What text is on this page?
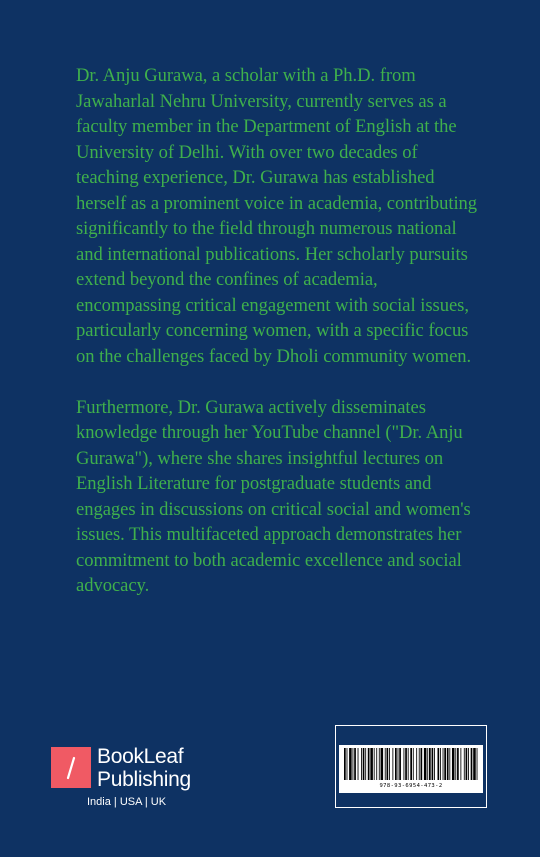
Dr. Anju Gurawa, a scholar with a Ph.D. from Jawaharlal Nehru University, currently serves as a faculty member in the Department of English at the University of Delhi. With over two decades of teaching experience, Dr. Gurawa has established herself as a prominent voice in academia, contributing significantly to the field through numerous national and international publications. Her scholarly pursuits extend beyond the confines of academia, encompassing critical engagement with social issues, particularly concerning women, with a specific focus on the challenges faced by Dholi community women.

Furthermore, Dr. Gurawa actively disseminates knowledge through her YouTube channel ("Dr. Anju Gurawa"), where she shares insightful lectures on English Literature for postgraduate students and engages in discussions on critical social and women's issues. This multifaceted approach demonstrates her commitment to both academic excellence and social advocacy.

BookLeaf
Publishing
India | USA | UK
978-93-6954-473-2
